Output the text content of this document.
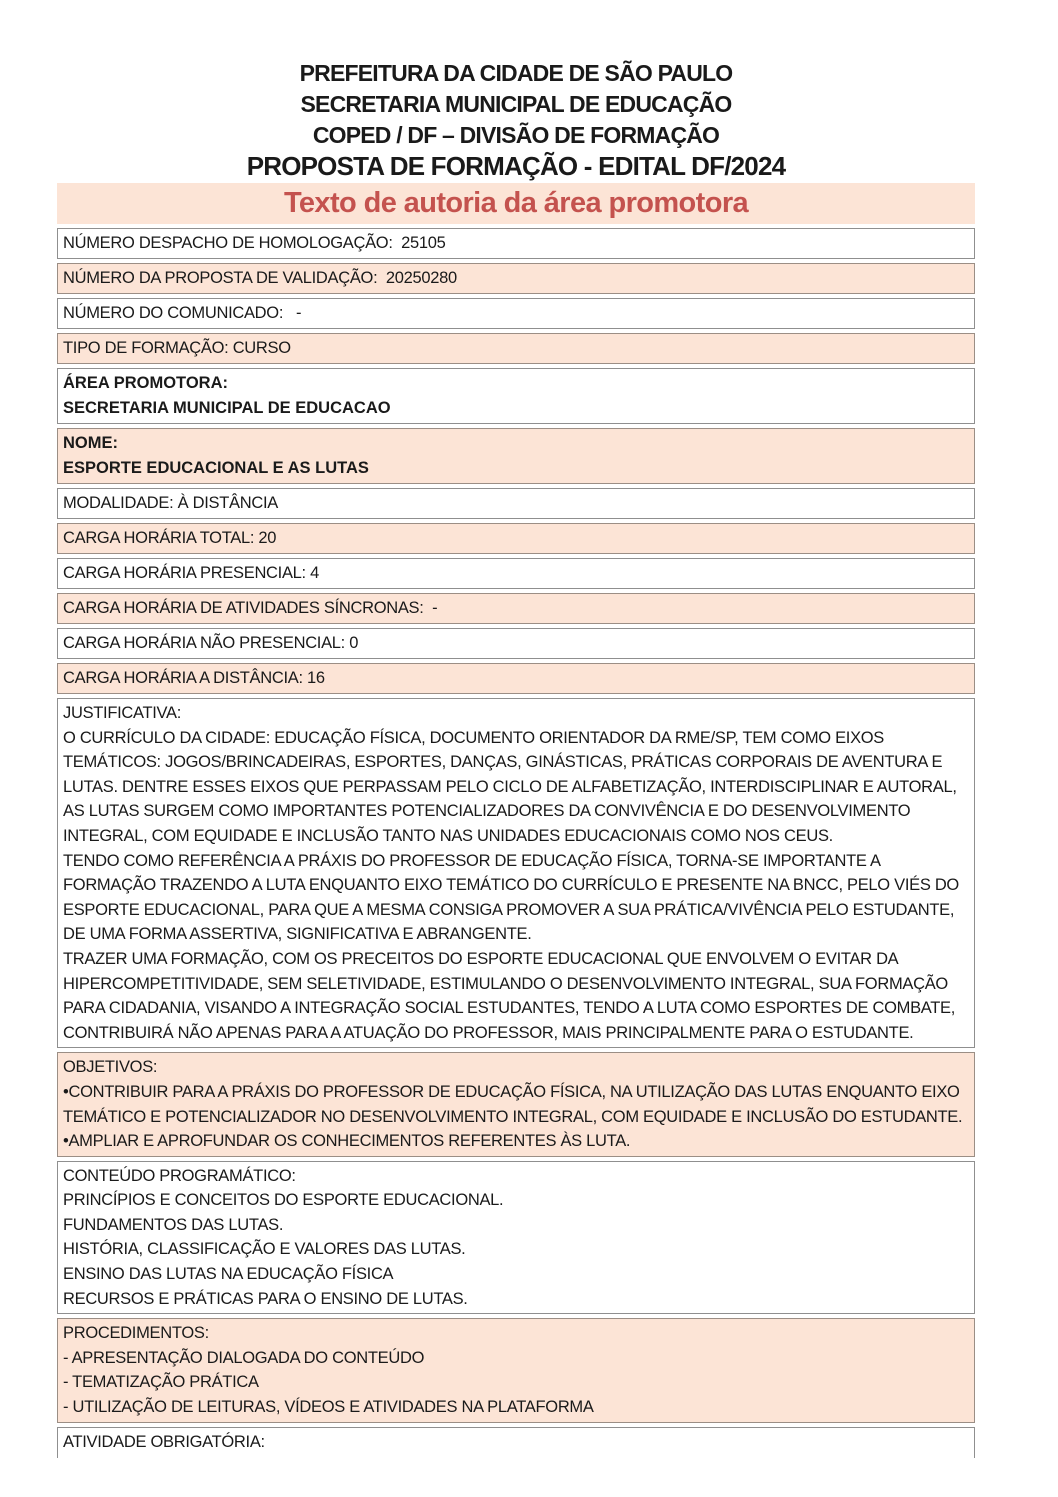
PREFEITURA DA CIDADE DE SÃO PAULO
SECRETARIA MUNICIPAL DE EDUCAÇÃO
COPED / DF – DIVISÃO DE FORMAÇÃO
PROPOSTA DE FORMAÇÃO - EDITAL DF/2024
Texto de autoria da área promotora
NÚMERO DESPACHO DE HOMOLOGAÇÃO:  25105
NÚMERO DA PROPOSTA DE VALIDAÇÃO:  20250280
NÚMERO DO COMUNICADO:   -
TIPO DE FORMAÇÃO: CURSO
ÁREA PROMOTORA:
SECRETARIA MUNICIPAL DE EDUCACAO
NOME:
ESPORTE EDUCACIONAL E AS LUTAS
MODALIDADE: À DISTÂNCIA
CARGA HORÁRIA TOTAL: 20
CARGA HORÁRIA PRESENCIAL: 4
CARGA HORÁRIA DE ATIVIDADES SÍNCRONAS:  -
CARGA HORÁRIA NÃO PRESENCIAL: 0
CARGA HORÁRIA A DISTÂNCIA: 16
JUSTIFICATIVA:
O CURRÍCULO DA CIDADE: EDUCAÇÃO FÍSICA, DOCUMENTO ORIENTADOR DA RME/SP, TEM COMO EIXOS TEMÁTICOS: JOGOS/BRINCADEIRAS, ESPORTES, DANÇAS, GINÁSTICAS, PRÁTICAS CORPORAIS DE AVENTURA E LUTAS. DENTRE ESSES EIXOS QUE PERPASSAM PELO CICLO DE ALFABETIZAÇÃO, INTERDISCIPLINAR E AUTORAL, AS LUTAS SURGEM COMO IMPORTANTES POTENCIALIZADORES DA CONVIVÊNCIA E DO DESENVOLVIMENTO INTEGRAL, COM EQUIDADE E INCLUSÃO TANTO NAS UNIDADES EDUCACIONAIS COMO NOS CEUS.
TENDO COMO REFERÊNCIA A PRÁXIS DO PROFESSOR DE EDUCAÇÃO FÍSICA, TORNA-SE IMPORTANTE A FORMAÇÃO TRAZENDO A LUTA ENQUANTO EIXO TEMÁTICO DO CURRÍCULO E PRESENTE NA BNCC, PELO VIÉS DO ESPORTE EDUCACIONAL, PARA QUE A MESMA CONSIGA PROMOVER A SUA PRÁTICA/VIVÊNCIA PELO ESTUDANTE, DE UMA FORMA ASSERTIVA, SIGNIFICATIVA E ABRANGENTE.
TRAZER UMA FORMAÇÃO, COM OS PRECEITOS DO ESPORTE EDUCACIONAL QUE ENVOLVEM O EVITAR DA HIPERCOMPETITIVIDADE, SEM SELETIVIDADE, ESTIMULANDO O DESENVOLVIMENTO INTEGRAL, SUA FORMAÇÃO PARA CIDADANIA, VISANDO A INTEGRAÇÃO SOCIAL ESTUDANTES, TENDO A LUTA COMO ESPORTES DE COMBATE, CONTRIBUIRÁ NÃO APENAS PARA A ATUAÇÃO DO PROFESSOR, MAIS PRINCIPALMENTE PARA O ESTUDANTE.
OBJETIVOS:
•CONTRIBUIR PARA A PRÁXIS DO PROFESSOR DE EDUCAÇÃO FÍSICA, NA UTILIZAÇÃO DAS LUTAS ENQUANTO EIXO TEMÁTICO E POTENCIALIZADOR NO DESENVOLVIMENTO INTEGRAL, COM EQUIDADE E INCLUSÃO DO ESTUDANTE.
•AMPLIAR E APROFUNDAR OS CONHECIMENTOS REFERENTES ÀS LUTA.
CONTEÚDO PROGRAMÁTICO:
PRINCÍPIOS E CONCEITOS DO ESPORTE EDUCACIONAL.
FUNDAMENTOS DAS LUTAS.
HISTÓRIA, CLASSIFICAÇÃO E VALORES DAS LUTAS.
ENSINO DAS LUTAS NA EDUCAÇÃO FÍSICA
RECURSOS E PRÁTICAS PARA O ENSINO DE LUTAS.
PROCEDIMENTOS:
- APRESENTAÇÃO DIALOGADA DO CONTEÚDO
- TEMATIZAÇÃO PRÁTICA
- UTILIZAÇÃO DE LEITURAS, VÍDEOS E ATIVIDADES NA PLATAFORMA
ATIVIDADE OBRIGATÓRIA:
